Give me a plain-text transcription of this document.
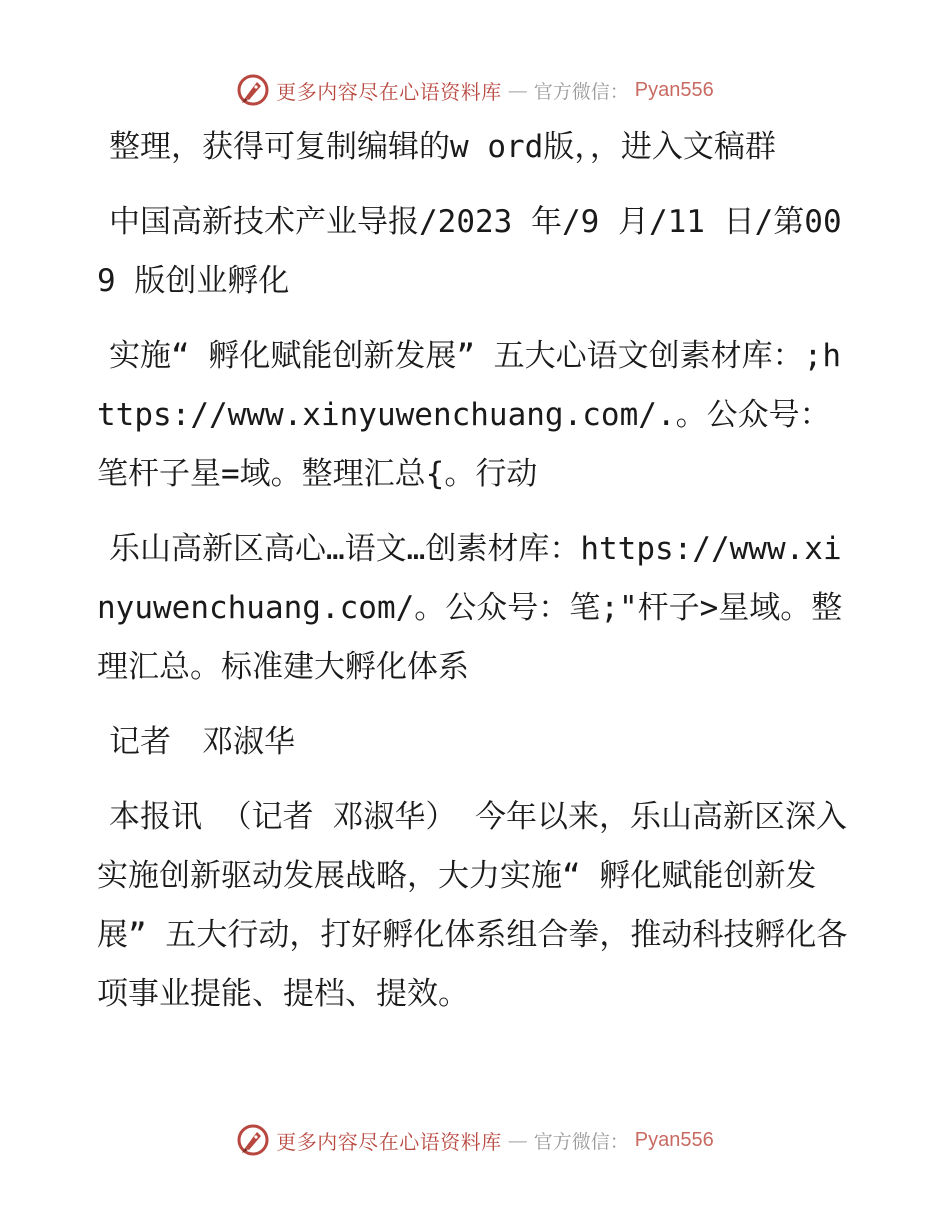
更多内容尽在心语资料库 — 官方微信： Pyan556

整理，获得可复制编辑的w ord版，，进入文稿群

中国高新技术产业导报/2023 年/9 月/11 日/第009 版创业孵化

实施“ 孵化赋能创新发展” 五大心语文创素材库：;https://www.xinyuwenchuang.com/.。公众号：笔杆子星=域。整理汇总{。行动

乐山高新区高心…语文…创素材库：https://www.xinyuwenchuang.com/。公众号：笔;"杆子>星域。整理汇总。标准建大孵化体系

记者　邓淑华

本报讯 （记者 邓淑华） 今年以来，乐山高新区深入实施创新驱动发展战略，大力实施“ 孵化赋能创新发展” 五大行动，打好孵化体系组合拳，推动科技孵化各项事业提能、提档、提效。

更多内容尽在心语资料库 — 官方微信： Pyan556
